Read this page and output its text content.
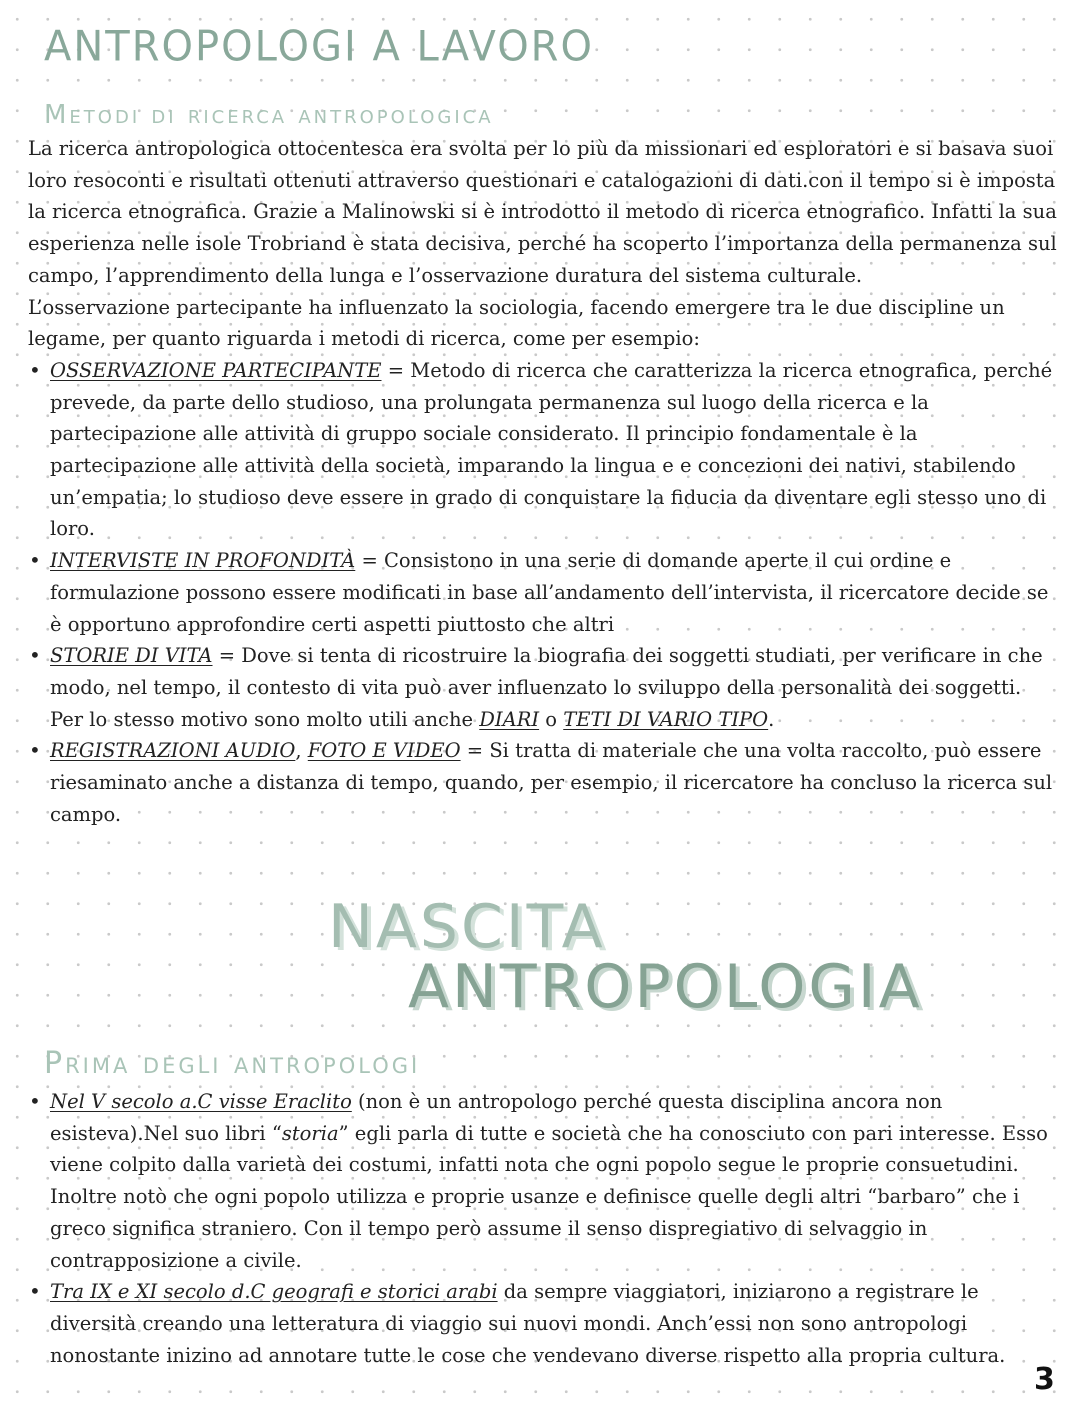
ANTROPOLOGI A LAVORO
Metodi di ricerca antropologica

La ricerca antropologica ottocentesca era svolta per lo più da missionari ed esploratori e si basava suoi loro resoconti e risultati ottenuti attraverso questionari e catalogazioni di dati.con il tempo si è imposta la ricerca etnografica. Grazie a Malinowski si è introdotto il metodo di ricerca etnografico. Infatti la sua esperienza nelle isole Trobriand è stata decisiva, perché ha scoperto l’importanza della permanenza sul campo, l’apprendimento della lunga e l’osservazione duratura del sistema culturale.

L’osservazione partecipante ha influenzato la sociologia, facendo emergere tra le due discipline un legame, per quanto riguarda i metodi di ricerca, come per esempio:

• OSSERVAZIONE PARTECIPANTE = Metodo di ricerca che caratterizza la ricerca etnografica, perché prevede, da parte dello studioso, una prolungata permanenza sul luogo della ricerca e la partecipazione alle attività di gruppo sociale considerato. Il principio fondamentale è la partecipazione alle attività della società, imparando la lingua e e concezioni dei nativi, stabilendo un’empatia; lo studioso deve essere in grado di conquistare la fiducia da diventare egli stesso uno di loro.
• INTERVISTE IN PROFONDITÀ = Consistono in una serie di domande aperte il cui ordine e formulazione possono essere modificati in base all’andamento dell’intervista, il ricercatore decide se è opportuno approfondire certi aspetti piuttosto che altri
• STORIE DI VITA = Dove si tenta di ricostruire la biografia dei soggetti studiati, per verificare in che modo, nel tempo, il contesto di vita può aver influenzato lo sviluppo della personalità dei soggetti. Per lo stesso motivo sono molto utili anche DIARI o TETI DI VARIO TIPO.
• REGISTRAZIONI AUDIO, FOTO E VIDEO = Si tratta di materiale che una volta raccolto, può essere riesaminato anche a distanza di tempo, quando, per esempio, il ricercatore ha concluso la ricerca sul campo.
NASCITA
ANTROPOLOGIA
Prima degli antropologi
• Nel V secolo a.C visse Eraclito (non è un antropologo perché questa disciplina ancora non esisteva).Nel suo libri “storia” egli parla di tutte e società che ha conosciuto con pari interesse. Esso viene colpito dalla varietà dei costumi, infatti nota che ogni popolo segue le proprie consuetudini. Inoltre notò che ogni popolo utilizza e proprie usanze e definisce quelle degli altri “barbaro” che i greco significa straniero. Con il tempo però assume il senso dispregiativo di selvaggio in contrapposizione a civile.
• Tra IX e XI secolo d.C geografi e storici arabi da sempre viaggiatori, iniziarono a registrare le diversità creando una letteratura di viaggio sui nuovi mondi. Anch’essi non sono antropologi nonostante inizino ad annotare tutte le cose che vendevano diverse rispetto alla propria cultura.
3
